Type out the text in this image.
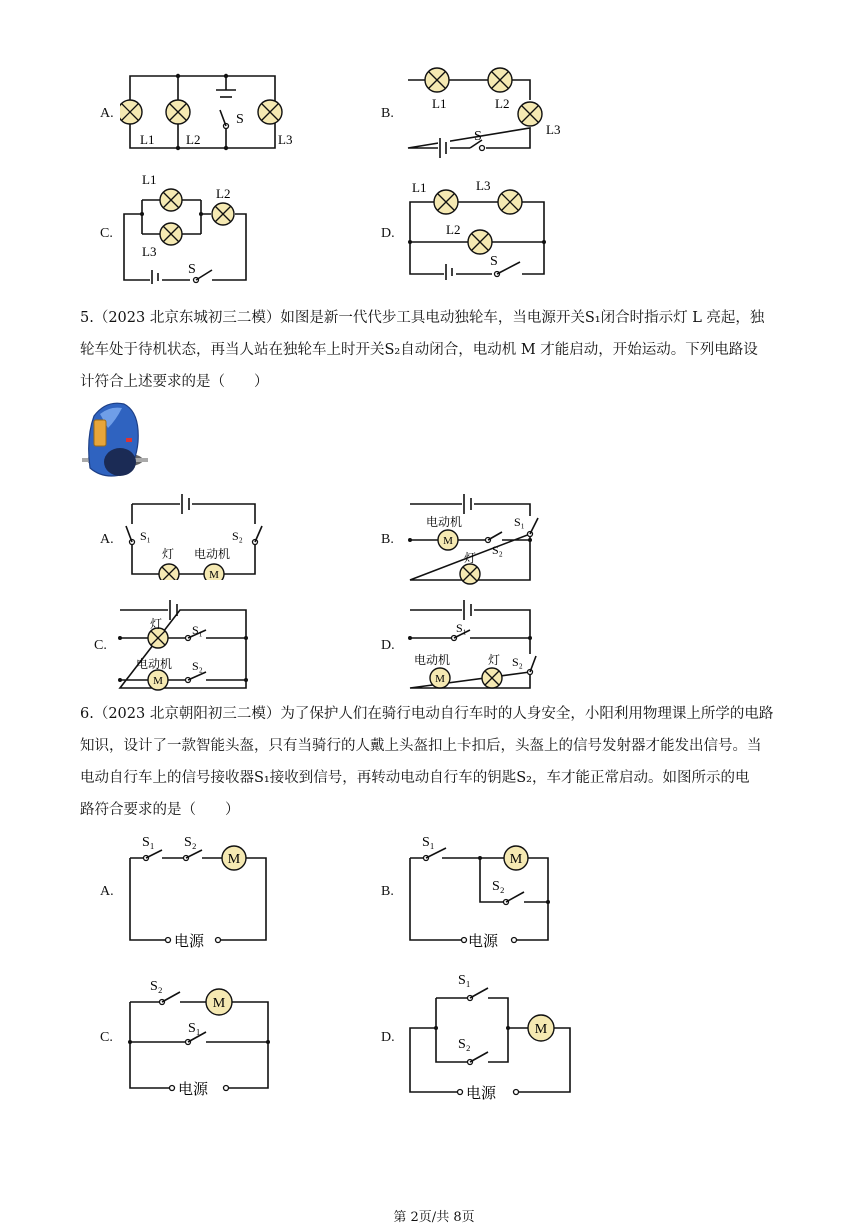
A.	B.
C.	D.
L1 L2	L3
S
L1	L2
L3
S
L1
L2
L3
S
L1	L3
L2
S
5.（2023 北京东城初三二模）如图是新一代代步工具电动独轮车，当电源开关S₁闭合时指示灯 L 亮起，独
轮车处于待机状态，再当人站在独轮车上时开关S₂自动闭合，电动机 M 才能启动，开始运动。下列电路设
计符合上述要求的是（　　）
A.	B.
C.	D.
M
S₁	S₂
灯 电动机
M
电动机	S₁
S₂
灯
M
灯 S₁
电动机 S₂
M
S₁
电动机	灯 S₂
6.（2023 北京朝阳初三二模）为了保护人们在骑行电动自行车时的人身安全，小阳利用物理课上所学的电路
知识，设计了一款智能头盔，只有当骑行的人戴上头盔扣上卡扣后，头盔上的信号发射器才能发出信号。当
电动自行车上的信号接收器S₁接收到信号，再转动电动自行车的钥匙S₂，车才能正常启动。如图所示的电
路符合要求的是（　　）
A.	B.
C.	D.
M
电源
S₁ S₂
M
电源
S₁
S₂
M
电源
S₂
S₁	M
电源
S₁
S₂
第 2页/共 8页
